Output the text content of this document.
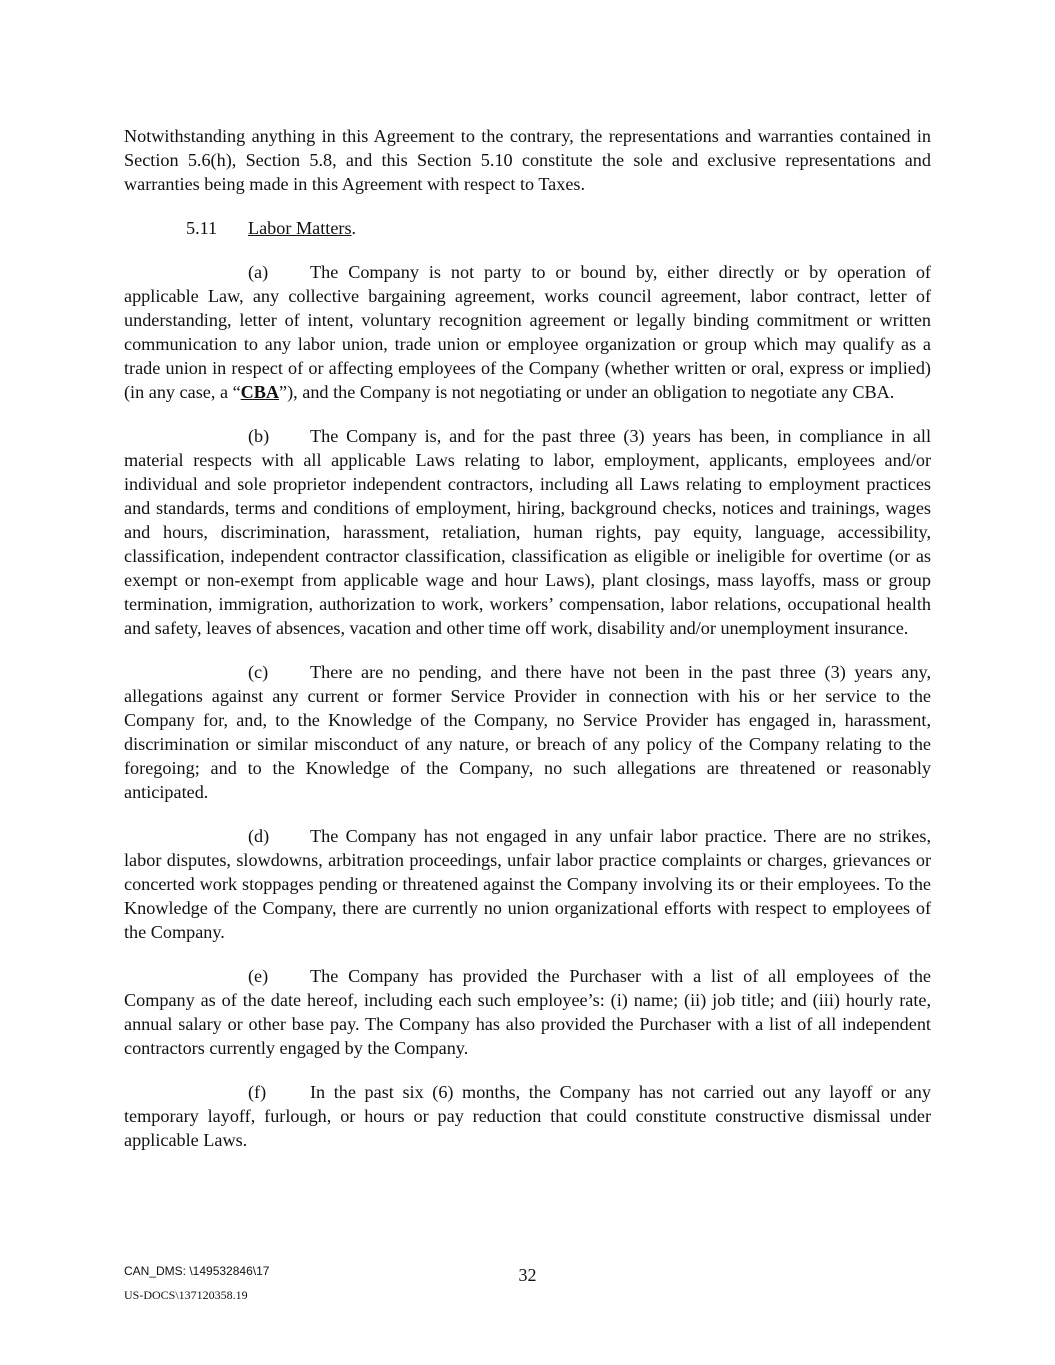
Notwithstanding anything in this Agreement to the contrary, the representations and warranties contained in Section 5.6(h), Section 5.8, and this Section 5.10 constitute the sole and exclusive representations and warranties being made in this Agreement with respect to Taxes.

5.11 Labor Matters.

(a) The Company is not party to or bound by, either directly or by operation of applicable Law, any collective bargaining agreement, works council agreement, labor contract, letter of understanding, letter of intent, voluntary recognition agreement or legally binding commitment or written communication to any labor union, trade union or employee organization or group which may qualify as a trade union in respect of or affecting employees of the Company (whether written or oral, express or implied) (in any case, a “CBA”), and the Company is not negotiating or under an obligation to negotiate any CBA.

(b) The Company is, and for the past three (3) years has been, in compliance in all material respects with all applicable Laws relating to labor, employment, applicants, employees and/or individual and sole proprietor independent contractors, including all Laws relating to employment practices and standards, terms and conditions of employment, hiring, background checks, notices and trainings, wages and hours, discrimination, harassment, retaliation, human rights, pay equity, language, accessibility, classification, independent contractor classification, classification as eligible or ineligible for overtime (or as exempt or non-exempt from applicable wage and hour Laws), plant closings, mass layoffs, mass or group termination, immigration, authorization to work, workers’ compensation, labor relations, occupational health and safety, leaves of absences, vacation and other time off work, disability and/or unemployment insurance.

(c) There are no pending, and there have not been in the past three (3) years any, allegations against any current or former Service Provider in connection with his or her service to the Company for, and, to the Knowledge of the Company, no Service Provider has engaged in, harassment, discrimination or similar misconduct of any nature, or breach of any policy of the Company relating to the foregoing; and to the Knowledge of the Company, no such allegations are threatened or reasonably anticipated.

(d) The Company has not engaged in any unfair labor practice. There are no strikes, labor disputes, slowdowns, arbitration proceedings, unfair labor practice complaints or charges, grievances or concerted work stoppages pending or threatened against the Company involving its or their employees. To the Knowledge of the Company, there are currently no union organizational efforts with respect to employees of the Company.

(e) The Company has provided the Purchaser with a list of all employees of the Company as of the date hereof, including each such employee’s: (i) name; (ii) job title; and (iii) hourly rate, annual salary or other base pay. The Company has also provided the Purchaser with a list of all independent contractors currently engaged by the Company.

(f) In the past six (6) months, the Company has not carried out any layoff or any temporary layoff, furlough, or hours or pay reduction that could constitute constructive dismissal under applicable Laws.

CAN_DMS: \149532846\17	32
US-DOCS\137120358.19
